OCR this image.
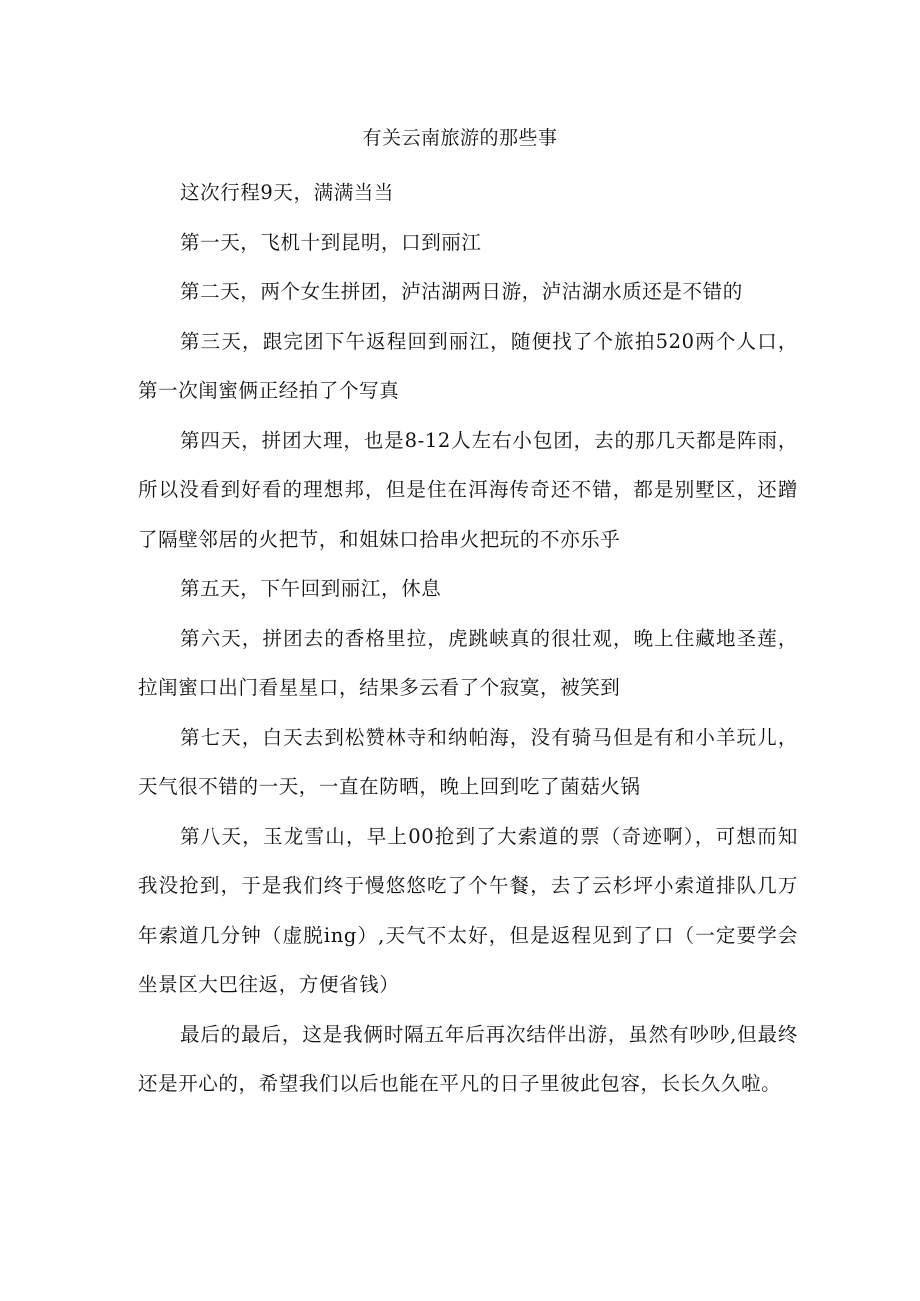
有关云南旅游的那些事

这次行程9天，满满当当

第一天，飞机十到昆明，口到丽江

第二天，两个女生拼团，泸沽湖两日游，泸沽湖水质还是不错的

第三天，跟完团下午返程回到丽江，随便找了个旅拍520两个人口，第一次闺蜜俩正经拍了个写真

第四天，拼团大理，也是8-12人左右小包团，去的那几天都是阵雨，所以没看到好看的理想邦，但是住在洱海传奇还不错，都是别墅区，还蹭了隔壁邻居的火把节，和姐妹口拾串火把玩的不亦乐乎

第五天，下午回到丽江，休息

第六天，拼团去的香格里拉，虎跳峡真的很壮观，晚上住藏地圣莲，拉闺蜜口出门看星星口，结果多云看了个寂寞，被笑到

第七天，白天去到松赞林寺和纳帕海，没有骑马但是有和小羊玩儿，天气很不错的一天，一直在防晒，晚上回到吃了菌菇火锅

第八天，玉龙雪山，早上00抢到了大索道的票（奇迹啊），可想而知我没抢到，于是我们终于慢悠悠吃了个午餐，去了云杉坪小索道排队几万年索道几分钟（虚脱ing）,天气不太好，但是返程见到了口（一定要学会坐景区大巴往返，方便省钱）

最后的最后，这是我俩时隔五年后再次结伴出游，虽然有吵吵,但最终还是开心的，希望我们以后也能在平凡的日子里彼此包容，长长久久啦。
